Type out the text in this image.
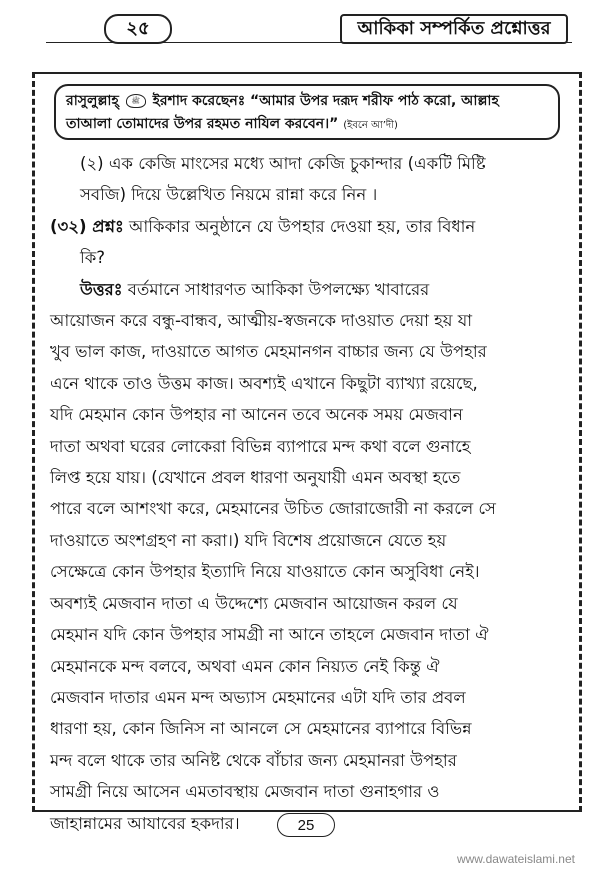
২৫	আকিকা সম্পর্কিত প্রশ্নোত্তর
রাসুলুল্লাহ্ ﷺ ইরশাদ করেছেনঃ “আমার উপর দরূদ শরীফ পাঠ করো, আল্লাহ
তাআলা তোমাদের উপর রহমত নাযিল করবেন।” (ইবনে আ’দী)

(২) এক কেজি মাংসের মধ্যে আদা কেজি চুকান্দার (একটি মিষ্টি

সবজি) দিয়ে উল্লেখিত নিয়মে রান্না করে নিন ।

(৩২) প্রশ্নঃ আকিকার অনুষ্ঠানে যে উপহার দেওয়া হয়, তার বিধান

কি?

উত্তরঃ বর্তমানে সাধারণত আকিকা উপলক্ষ্যে খাবারের

আয়োজন করে বন্ধু-বান্ধব, আত্মীয়-স্বজনকে দাওয়াত দেয়া হয় যা

খুব ভাল কাজ, দাওয়াতে আগত মেহমানগন বাচ্চার জন্য যে উপহার

এনে থাকে তাও উত্তম কাজ। অবশ্যই এখানে কিছুটা ব্যাখ্যা রয়েছে,

যদি মেহমান কোন উপহার না আনেন তবে অনেক সময় মেজবান

দাতা অথবা ঘরের লোকেরা বিভিন্ন ব্যাপারে মন্দ কথা বলে গুনাহে

লিপ্ত হয়ে যায়। (যেখানে প্রবল ধারণা অনুযায়ী এমন অবস্থা হতে

পারে বলে আশংখা করে, মেহমানের উচিত জোরাজোরী না করলে সে

দাওয়াতে অংশগ্রহণ না করা।) যদি বিশেষ প্রয়োজনে যেতে হয়

সেক্ষেত্রে কোন উপহার ইত্যাদি নিয়ে যাওয়াতে কোন অসুবিধা নেই।

অবশ্যই মেজবান দাতা এ উদ্দেশ্যে মেজবান আয়োজন করল যে

মেহমান যদি কোন উপহার সামগ্রী না আনে তাহলে মেজবান দাতা ঐ

মেহমানকে মন্দ বলবে, অথবা এমন কোন নিয়্যত নেই কিন্তু ঐ

মেজবান দাতার এমন মন্দ অভ্যাস মেহমানের এটা যদি তার প্রবল

ধারণা হয়, কোন জিনিস না আনলে সে মেহমানের ব্যাপারে বিভিন্ন

মন্দ বলে থাকে তার অনিষ্ট থেকে বাঁচার জন্য মেহমানরা উপহার

সামগ্রী নিয়ে আসেন এমতাবস্থায় মেজবান দাতা গুনাহগার ও

জাহান্নামের আযাবের হকদার।	25
www.dawateislami.net
